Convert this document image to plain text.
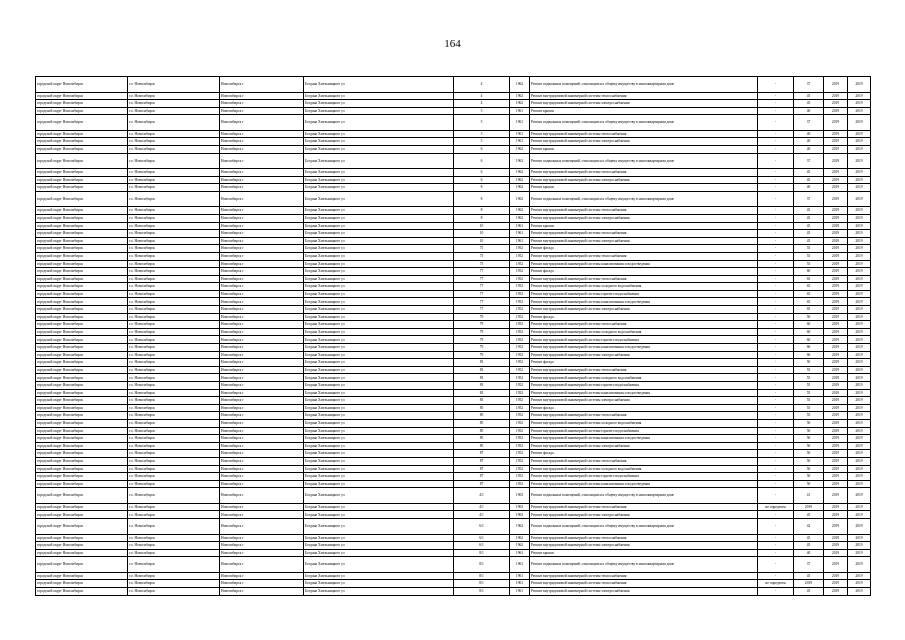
164
городской округ Новосибирск	г.о. Новосибирск	Новосибирск г	Богдана Хмельницкого ул	4	1962	Ремонт подвальных помещений, относящихся к общему имуществу в многоквартирном доме	-	37	2019	2019
городской округ Новосибирск	г.о. Новосибирск	Новосибирск г	Богдана Хмельницкого ул	4	1962	Ремонт внутридомовой инженерной системы теплоснабжения	-	45	2019	2019
городской округ Новосибирск	г.о. Новосибирск	Новосибирск г	Богдана Хмельницкого ул	4	1962	Ремонт внутридомовой инженерной системы электроснабжения	-	45	2019	2019
городской округ Новосибирск	г.о. Новосибирск	Новосибирск г	Богдана Хмельницкого ул	5	1961	Ремонт крыши	-	40	2019	2019
городской округ Новосибирск	г.о. Новосибирск	Новосибирск г	Богдана Хмельницкого ул	5	1961	Ремонт подвальных помещений, относящихся к общему имуществу в многоквартирном доме	-	37	2019	2019
городской округ Новосибирск	г.о. Новосибирск	Новосибирск г	Богдана Хмельницкого ул	5	1961	Ремонт внутридомовой инженерной системы теплоснабжения	-	40	2019	2019
городской округ Новосибирск	г.о. Новосибирск	Новосибирск г	Богдана Хмельницкого ул	5	1961	Ремонт внутридомовой инженерной системы электроснабжения	-	40	2019	2019
городской округ Новосибирск	г.о. Новосибирск	Новосибирск г	Богдана Хмельницкого ул	6	1962	Ремонт крыши	-	40	2019	2019
городской округ Новосибирск	г.о. Новосибирск	Новосибирск г	Богдана Хмельницкого ул	6	1962	Ремонт подвальных помещений, относящихся к общему имуществу в многоквартирном доме	-	37	2019	2019
городской округ Новосибирск	г.о. Новосибирск	Новосибирск г	Богдана Хмельницкого ул	6	1962	Ремонт внутридомовой инженерной системы теплоснабжения	-	45	2019	2019
городской округ Новосибирск	г.о. Новосибирск	Новосибирск г	Богдана Хмельницкого ул	6	1962	Ремонт внутридомовой инженерной системы электроснабжения	-	45	2019	2019
городской округ Новосибирск	г.о. Новосибирск	Новосибирск г	Богдана Хмельницкого ул	8	1962	Ремонт крыши	-	40	2019	2019
городской округ Новосибирск	г.о. Новосибирск	Новосибирск г	Богдана Хмельницкого ул	8	1962	Ремонт подвальных помещений, относящихся к общему имуществу в многоквартирном доме	-	37	2019	2019
городской округ Новосибирск	г.о. Новосибирск	Новосибирск г	Богдана Хмельницкого ул	8	1962	Ремонт внутридомовой инженерной системы теплоснабжения	-	45	2019	2019
городской округ Новосибирск	г.о. Новосибирск	Новосибирск г	Богдана Хмельницкого ул	8	1962	Ремонт внутридомовой инженерной системы электроснабжения	-	45	2019	2019
городской округ Новосибирск	г.о. Новосибирск	Новосибирск г	Богдана Хмельницкого ул	10	1961	Ремонт крыши	-	45	2019	2019
городской округ Новосибирск	г.о. Новосибирск	Новосибирск г	Богдана Хмельницкого ул	10	1961	Ремонт внутридомовой инженерной системы теплоснабжения	-	45	2019	2019
городской округ Новосибирск	г.о. Новосибирск	Новосибирск г	Богдана Хмельницкого ул	10	1961	Ремонт внутридомовой инженерной системы электроснабжения	-	45	2019	2019
городской округ Новосибирск	г.о. Новосибирск	Новосибирск г	Богдана Хмельницкого ул	75	1952	Ремонт фасада	-	55	2019	2019
городской округ Новосибирск	г.о. Новосибирск	Новосибирск г	Богдана Хмельницкого ул	75	1952	Ремонт внутридомовой инженерной системы теплоснабжения	-	55	2019	2019
городской округ Новосибирск	г.о. Новосибирск	Новосибирск г	Богдана Хмельницкого ул	75	1952	Ремонт внутридомовой инженерной системы канализования и водоотведения	-	55	2019	2019
городской округ Новосибирск	г.о. Новосибирск	Новосибирск г	Богдана Хмельницкого ул	77	1952	Ремонт фасада	-	60	2019	2019
городской округ Новосибирск	г.о. Новосибирск	Новосибирск г	Богдана Хмельницкого ул	77	1952	Ремонт внутридомовой инженерной системы теплоснабжения	-	65	2019	2019
городской округ Новосибирск	г.о. Новосибирск	Новосибирск г	Богдана Хмельницкого ул	77	1952	Ремонт внутридомовой инженерной системы холодного водоснабжения	-	65	2019	2019
городской округ Новосибирск	г.о. Новосибирск	Новосибирск г	Богдана Хмельницкого ул	77	1952	Ремонт внутридомовой инженерной системы горячего водоснабжения	-	65	2019	2019
городской округ Новосибирск	г.о. Новосибирск	Новосибирск г	Богдана Хмельницкого ул	77	1952	Ремонт внутридомовой инженерной системы канализования и водоотведения	-	65	2019	2019
городской округ Новосибирск	г.о. Новосибирск	Новосибирск г	Богдана Хмельницкого ул	77	1952	Ремонт внутридомовой инженерной системы электроснабжения	-	65	2019	2019
городской округ Новосибирск	г.о. Новосибирск	Новосибирск г	Богдана Хмельницкого ул	79	1952	Ремонт фасада	-	50	2019	2019
городской округ Новосибирск	г.о. Новосибирск	Новосибирск г	Богдана Хмельницкого ул	79	1952	Ремонт внутридомовой инженерной системы теплоснабжения	-	60	2019	2019
городской округ Новосибирск	г.о. Новосибирск	Новосибирск г	Богдана Хмельницкого ул	79	1952	Ремонт внутридомовой инженерной системы холодного водоснабжения	-	60	2019	2019
городской округ Новосибирск	г.о. Новосибирск	Новосибирск г	Богдана Хмельницкого ул	79	1952	Ремонт внутридомовой инженерной системы горячего водоснабжения	-	60	2019	2019
городской округ Новосибирск	г.о. Новосибирск	Новосибирск г	Богдана Хмельницкого ул	79	1952	Ремонт внутридомовой инженерной системы канализования и водоотведения	-	60	2019	2019
городской округ Новосибирск	г.о. Новосибирск	Новосибирск г	Богдана Хмельницкого ул	79	1952	Ремонт внутридомовой инженерной системы электроснабжения	-	60	2019	2019
городской округ Новосибирск	г.о. Новосибирск	Новосибирск г	Богдана Хмельницкого ул	83	1952	Ремонт фасада	-	50	2019	2019
городской округ Новосибирск	г.о. Новосибирск	Новосибирск г	Богдана Хмельницкого ул	83	1952	Ремонт внутридомовой инженерной системы теплоснабжения	-	55	2019	2019
городской округ Новосибирск	г.о. Новосибирск	Новосибирск г	Богдана Хмельницкого ул	83	1952	Ремонт внутридомовой инженерной системы холодного водоснабжения	-	55	2019	2019
городской округ Новосибирск	г.о. Новосибирск	Новосибирск г	Богдана Хмельницкого ул	83	1952	Ремонт внутридомовой инженерной системы горячего водоснабжения	-	55	2019	2019
городской округ Новосибирск	г.о. Новосибирск	Новосибирск г	Богдана Хмельницкого ул	83	1952	Ремонт внутридомовой инженерной системы канализования и водоотведения	-	55	2019	2019
городской округ Новосибирск	г.о. Новосибирск	Новосибирск г	Богдана Хмельницкого ул	83	1952	Ремонт внутридомовой инженерной системы электроснабжения	-	55	2019	2019
городской округ Новосибирск	г.о. Новосибирск	Новосибирск г	Богдана Хмельницкого ул	85	1952	Ремонт фасада	-	55	2019	2019
городской округ Новосибирск	г.о. Новосибирск	Новосибирск г	Богдана Хмельницкого ул	85	1952	Ремонт внутридомовой инженерной системы теплоснабжения	-	55	2019	2019
городской округ Новосибирск	г.о. Новосибирск	Новосибирск г	Богдана Хмельницкого ул	85	1952	Ремонт внутридомовой инженерной системы холодного водоснабжения	-	50	2019	2019
городской округ Новосибирск	г.о. Новосибирск	Новосибирск г	Богдана Хмельницкого ул	85	1952	Ремонт внутридомовой инженерной системы горячего водоснабжения	-	50	2019	2019
городской округ Новосибирск	г.о. Новосибирск	Новосибирск г	Богдана Хмельницкого ул	85	1952	Ремонт внутридомовой инженерной системы канализования и водоотведения	-	50	2019	2019
городской округ Новосибирск	г.о. Новосибирск	Новосибирск г	Богдана Хмельницкого ул	85	1952	Ремонт внутридомовой инженерной системы электроснабжения	-	50	2019	2019
городской округ Новосибирск	г.о. Новосибирск	Новосибирск г	Богдана Хмельницкого ул	87	1952	Ремонт фасада	-	50	2019	2019
городской округ Новосибирск	г.о. Новосибирск	Новосибирск г	Богдана Хмельницкого ул	87	1952	Ремонт внутридомовой инженерной системы теплоснабжения	-	50	2019	2019
городской округ Новосибирск	г.о. Новосибирск	Новосибирск г	Богдана Хмельницкого ул	87	1952	Ремонт внутридомовой инженерной системы холодного водоснабжения	-	50	2019	2019
городской округ Новосибирск	г.о. Новосибирск	Новосибирск г	Богдана Хмельницкого ул	87	1952	Ремонт внутридомовой инженерной системы горячего водоснабжения	-	50	2019	2019
городской округ Новосибирск	г.о. Новосибирск	Новосибирск г	Богдана Хмельницкого ул	87	1952	Ремонт внутридомовой инженерной системы канализования и водоотведения	-	50	2019	2019
городской округ Новосибирск	г.о. Новосибирск	Новосибирск г	Богдана Хмельницкого ул	4/1	1963	Ремонт подвальных помещений, относящихся к общему имуществу в многоквартирном доме	-	41	2019	2019
городской округ Новосибирск	г.о. Новосибирск	Новосибирск г	Богдана Хмельницкого ул	4/1	1963	Ремонт внутридомовой инженерной системы теплоснабжения	не определен	2019	2019	2019
городской округ Новосибирск	г.о. Новосибирск	Новосибирск г	Богдана Хмельницкого ул	4/1	1963	Ремонт внутридомовой инженерной системы электроснабжения	-	45	2019	2019
городской округ Новосибирск	г.о. Новосибирск	Новосибирск г	Богдана Хмельницкого ул	6/1	1962	Ремонт подвальных помещений, относящихся к общему имуществу в многоквартирном доме	-	42	2019	2019
городской округ Новосибирск	г.о. Новосибирск	Новосибирск г	Богдана Хмельницкого ул	6/1	1962	Ремонт внутридомовой инженерной системы теплоснабжения	-	45	2019	2019
городской округ Новосибирск	г.о. Новосибирск	Новосибирск г	Богдана Хмельницкого ул	6/1	1962	Ремонт внутридомовой инженерной системы электроснабжения	-	45	2019	2019
городской округ Новосибирск	г.о. Новосибирск	Новосибирск г	Богдана Хмельницкого ул	8/1	1961	Ремонт крыши	-	40	2019	2019
городской округ Новосибирск	г.о. Новосибирск	Новосибирск г	Богдана Хмельницкого ул	8/1	1961	Ремонт подвальных помещений, относящихся к общему имуществу в многоквартирном доме	-	37	2019	2019
городской округ Новосибирск	г.о. Новосибирск	Новосибирск г	Богдана Хмельницкого ул	8/1	1961	Ремонт внутридомовой инженерной системы теплоснабжения	-	45	2019	2019
городской округ Новосибирск	г.о. Новосибирск	Новосибирск г	Богдана Хмельницкого ул	8/1	1961	Ремонт внутридомовой инженерной системы теплоснабжения	не определен	2019	2019	2019
городской округ Новосибирск	г.о. Новосибирск	Новосибирск г	Богдана Хмельницкого ул	8/1	1961	Ремонт внутридомовой инженерной системы электроснабжения	-	45	2019	2019
